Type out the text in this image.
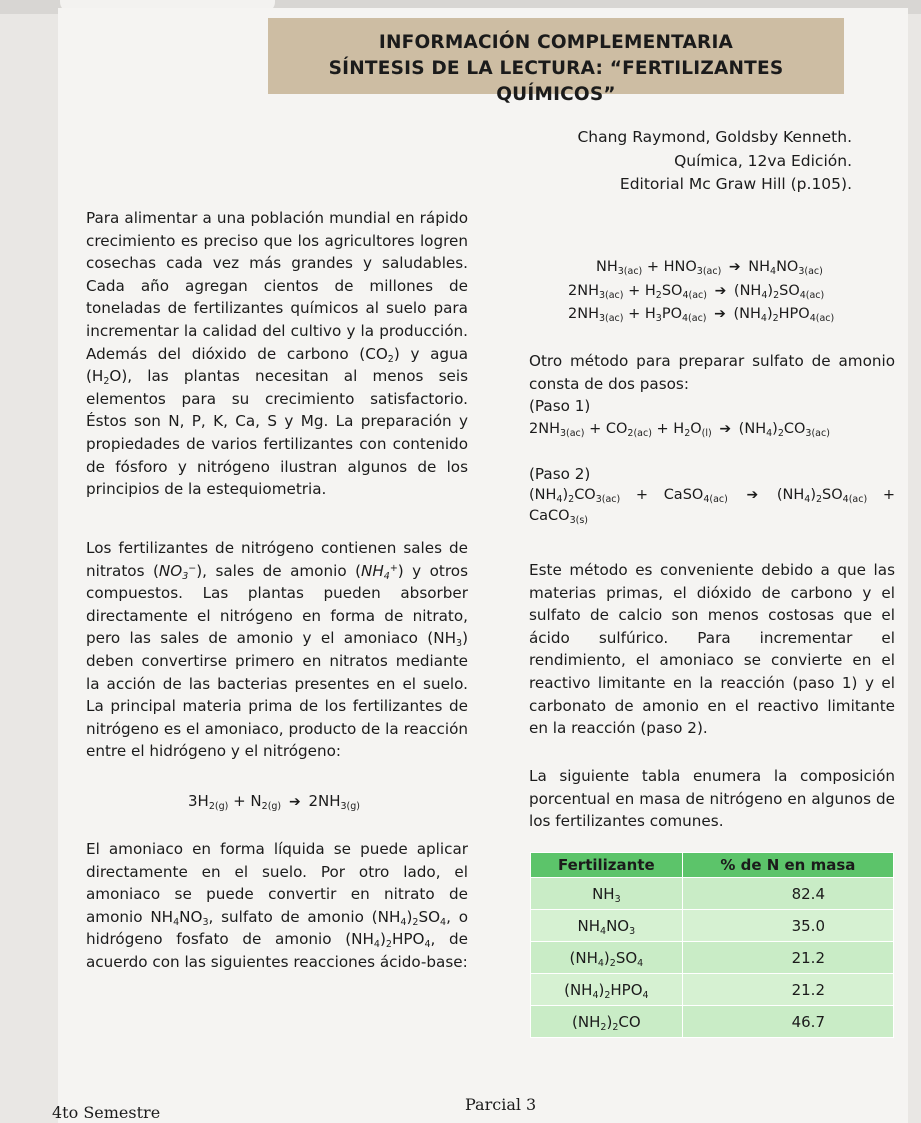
INFORMACIÓN COMPLEMENTARIA
SÍNTESIS DE LA LECTURA: “FERTILIZANTES QUÍMICOS”
Chang Raymond, Goldsby Kenneth.
Química, 12va Edición.
Editorial Mc Graw Hill (p.105).

Para alimentar a una población mundial en rápido crecimiento es preciso que los agricultores logren cosechas cada vez más grandes y saludables. Cada año agregan cientos de millones de toneladas de fertilizantes químicos al suelo para incrementar la calidad del cultivo y la producción. Además del dióxido de carbono $(CO_2)$ y agua $(H_2O)$, las plantas necesitan al menos seis elementos para su crecimiento satisfactorio. Éstos son N, P, K, Ca, S y Mg. La preparación y propiedades de varios fertilizantes con contenido de fósforo y nitrógeno ilustran algunos de los principios de la estequiometria.

Los fertilizantes de nitrógeno contienen sales de nitratos $(NO_3^-)$, sales de amonio $(NH_4^+)$ y otros compuestos. Las plantas pueden absorber directamente el nitrógeno en forma de nitrato, pero las sales de amonio y el amoniaco $(NH_3)$ deben convertirse primero en nitratos mediante la acción de las bacterias presentes en el suelo. La principal materia prima de los fertilizantes de nitrógeno es el amoniaco, producto de la reacción entre el hidrógeno y el nitrógeno:

$3H_{2(g)} + N_{2(g)}$ ➔ $2NH_{3(g)}$

El amoniaco en forma líquida se puede aplicar directamente en el suelo. Por otro lado, el amoniaco se puede convertir en nitrato de amonio $NH_4NO_3$, sulfato de amonio $(NH_4)_2SO_4$, o hidrógeno fosfato de amonio $(NH_4)_2HPO_4$, de acuerdo con las siguientes reacciones ácido-base:

$NH_{3(ac)} + HNO_{3(ac)}$ ➔ $NH_4NO_{3(ac)}$
$2NH_{3(ac)} + H_2SO_{4(ac)}$ ➔ $(NH_4)_2SO_{4(ac)}$
$2NH_{3(ac)} + H_3PO_{4(ac)}$ ➔ $(NH_4)_2HPO_{4(ac)}$

Otro método para preparar sulfato de amonio consta de dos pasos:

(Paso 1)

$2NH_{3(ac)} + CO_{2(ac)} + H_2O_{(l)}$ ➔ $(NH_4)_2CO_{3(ac)}$
(Paso 2)
$(NH_4)_2CO_{3(ac)}$ + CaSO$_{4(ac)}$ ➔ $(NH_4)_2SO_{4(ac)}$ +
CaCO$_{3(s)}$
Este método es conveniente debido a que las materias primas, el dióxido de carbono y el sulfato de calcio son menos costosas que el ácido sulfúrico. Para incrementar el rendimiento, el amoniaco se convierte en el reactivo limitante en la reacción (paso 1) y el carbonato de amonio en el reactivo limitante en la reacción (paso 2).
La siguiente tabla enumera la composición porcentual en masa de nitrógeno en algunos de los fertilizantes comunes.
Fertilizante	% de N en masa
$NH_3$	82.4
$NH_4NO_3$	35.0
$(NH_4)_2SO_4$	21.2
$(NH_4)_2HPO_4$	21.2
$(NH_2)_2CO$	46.7
4to Semestre	Parcial 3
